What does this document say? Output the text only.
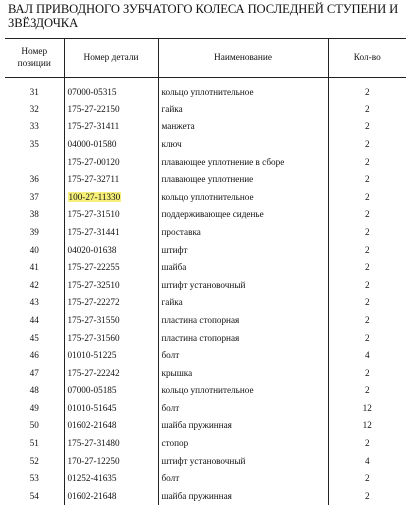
ВАЛ ПРИВОДНОГО ЗУБЧАТОГО КОЛЕСА ПОСЛЕДНЕЙ СТУПЕНИ И ЗВЁЗДОЧКА
Номер позиции	Номер детали	Наименование	Кол-во
31	07000-05315	кольцо уплотнительное	2
32	175-27-22150	гайка	2
33	175-27-31411	манжета	2
35	04000-01580	ключ	2
	175-27-00120	плавающее уплотнение в сборе	2
36	175-27-32711	плавающее уплотнение	2
37	100-27-11330	кольцо уплотнительное	2
38	175-27-31510	поддерживающее сиденье	2
39	175-27-31441	проставка	2
40	04020-01638	штифт	2
41	175-27-22255	шайба	2
42	175-27-32510	штифт установочный	2
43	175-27-22272	гайка	2
44	175-27-31550	пластина стопорная	2
45	175-27-31560	пластина стопорная	2
46	01010-51225	болт	4
47	175-27-22242	крышка	2
48	07000-05185	кольцо уплотнительное	2
49	01010-51645	болт	12
50	01602-21648	шайба пружинная	12
51	175-27-31480	стопор	2
52	170-27-12250	штифт установочный	4
53	01252-41635	болт	2
54	01602-21648	шайба пружинная	2
